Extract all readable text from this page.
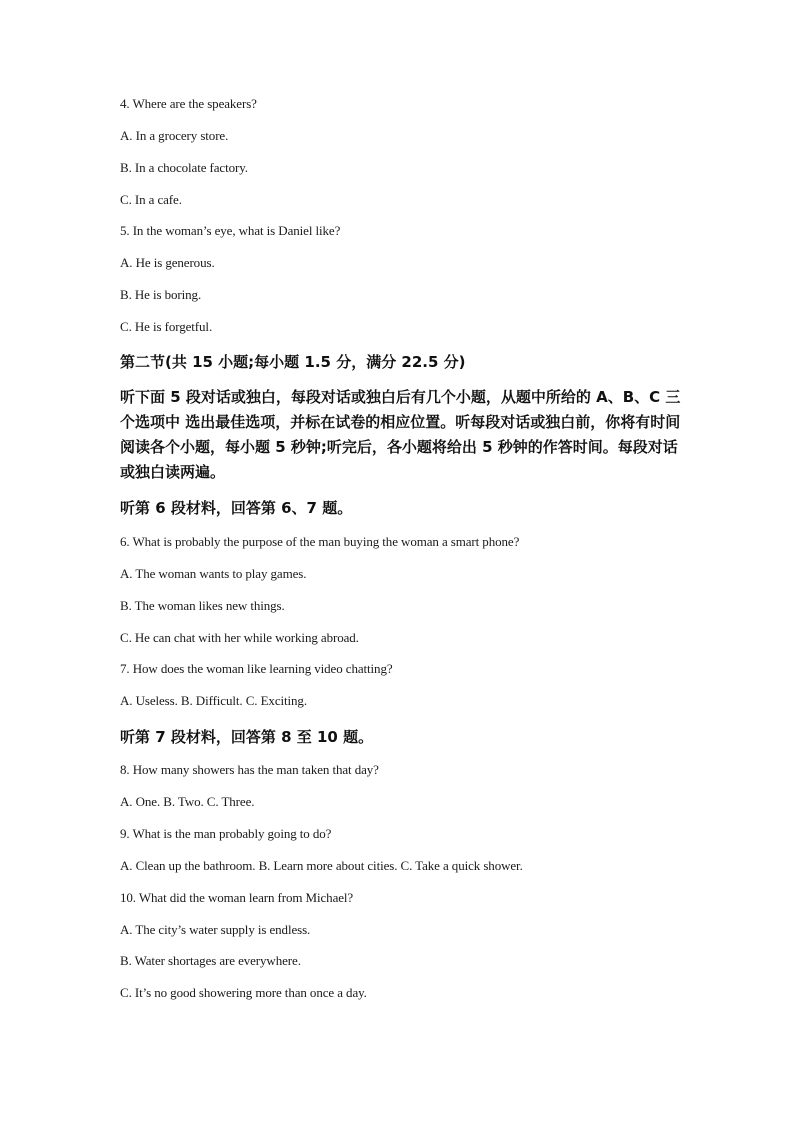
4. Where are the speakers?

A. In a grocery store.

B. In a chocolate factory.

C. In a cafe.

5. In the woman’s eye, what is Daniel like?

A. He is generous.

B. He is boring.

C. He is forgetful.

第二节(共 15 小题;每小题 1.5 分，满分 22.5 分)

听下面 5 段对话或独白，每段对话或独白后有几个小题，从题中所给的 A、B、C 三个选项中 选出最佳选项，并标在试卷的相应位置。听每段对话或独白前，你将有时间阅读各个小题，每小题 5 秒钟;听完后，各小题将给出 5 秒钟的作答时间。每段对话或独白读两遍。

听第 6 段材料，回答第 6、7 题。

6. What is probably the purpose of the man buying the woman a smart phone?

A. The woman wants to play games.

B. The woman likes new things.

C. He can chat with her while working abroad.

7. How does the woman like learning video chatting?

A. Useless. B. Difficult. C. Exciting.

听第 7 段材料，回答第 8 至 10 题。

8. How many showers has the man taken that day?

A. One. B. Two. C. Three.

9. What is the man probably going to do?

A. Clean up the bathroom. B. Learn more about cities. C. Take a quick shower.

10. What did the woman learn from Michael?

A. The city’s water supply is endless.

B. Water shortages are everywhere.

C. It’s no good showering more than once a day.
